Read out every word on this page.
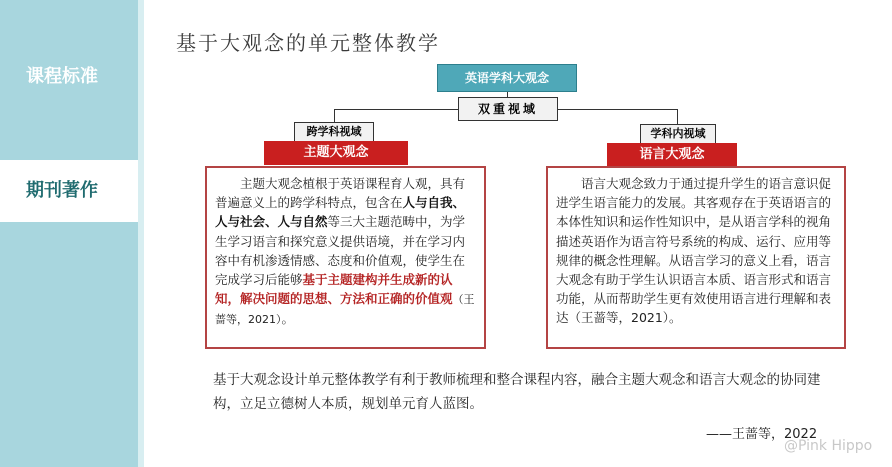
课程标准
期刊著作
基于大观念的单元整体教学
英语学科大观念
双重视域
跨学科视域	学科内视域
主题大观念	语言大观念

主题大观念植根于英语课程育人观，具有普遍意义上的跨学科特点，包含在人与自我、人与社会、人与自然等三大主题范畴中，为学生学习语言和探究意义提供语境，并在学习内容中有机渗透情感、态度和价值观，使学生在完成学习后能够基于主题建构并生成新的认知，解决问题的思想、方法和正确的价值观（王蔷等，2021）。

语言大观念致力于通过提升学生的语言意识促进学生语言能力的发展。其客观存在于英语语言的本体性知识和运作性知识中，是从语言学科的视角描述英语作为语言符号系统的构成、运行、应用等规律的概念性理解。从语言学习的意义上看，语言大观念有助于学生认识语言本质、语言形式和语言功能，从而帮助学生更有效使用语言进行理解和表达（王蔷等，2021）。

基于大观念设计单元整体教学有利于教师梳理和整合课程内容，融合主题大观念和语言大观念的协同建构，立足立德树人本质，规划单元育人蓝图。
——王蔷等，2022
@Pink Hippo
